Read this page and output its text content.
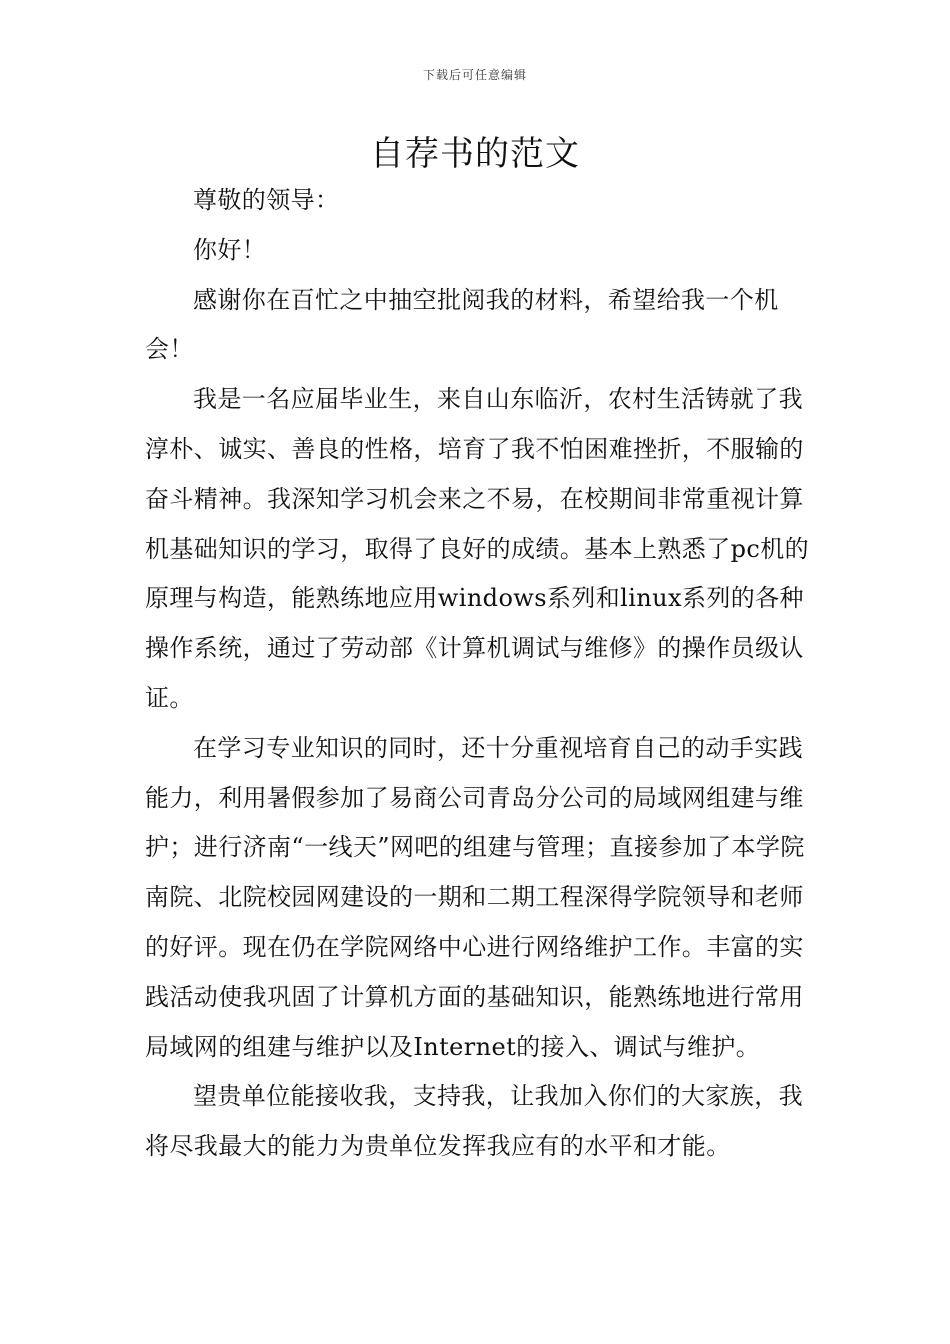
下载后可任意编辑
自荐书的范文

尊敬的领导：

你好！

感谢你在百忙之中抽空批阅我的材料，希望给我一个机会！

我是一名应届毕业生，来自山东临沂，农村生活铸就了我淳朴、诚实、善良的性格，培育了我不怕困难挫折，不服输的奋斗精神。我深知学习机会来之不易，在校期间非常重视计算机基础知识的学习，取得了良好的成绩。基本上熟悉了pc机的原理与构造，能熟练地应用windows系列和linux系列的各种操作系统，通过了劳动部《计算机调试与维修》的操作员级认证。

在学习专业知识的同时，还十分重视培育自己的动手实践能力，利用暑假参加了易商公司青岛分公司的局域网组建与维护；进行济南“一线天”网吧的组建与管理；直接参加了本学院南院、北院校园网建设的一期和二期工程深得学院领导和老师的好评。现在仍在学院网络中心进行网络维护工作。丰富的实践活动使我巩固了计算机方面的基础知识，能熟练地进行常用局域网的组建与维护以及Internet的接入、调试与维护。

望贵单位能接收我，支持我，让我加入你们的大家族，我将尽我最大的能力为贵单位发挥我应有的水平和才能。
